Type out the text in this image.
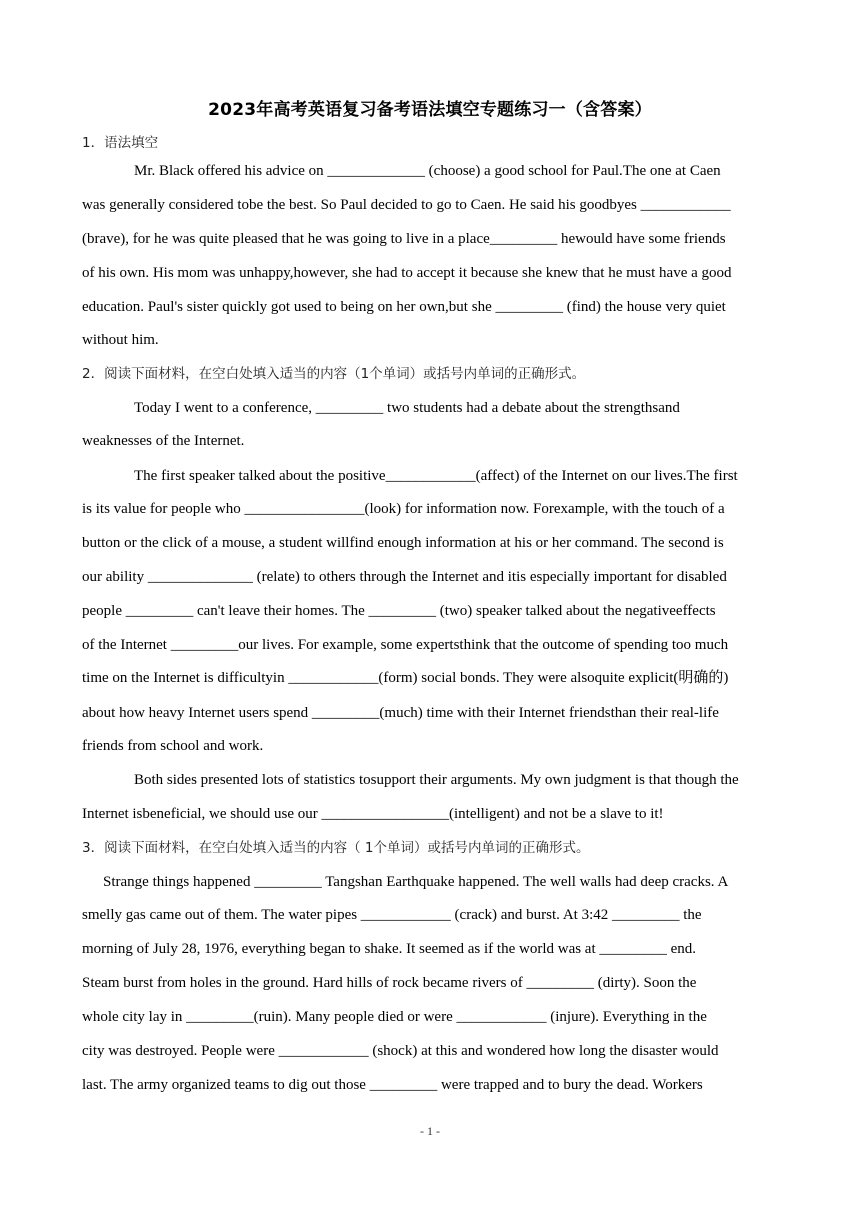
2023年高考英语复习备考语法填空专题练习一（含答案）
1．语法填空
Mr. Black offered his advice on _____________ (choose) a good school for Paul.The one at Caen
was generally considered tobe the best. So Paul decided to go to Caen. He said his goodbyes ____________
(brave), for he was quite pleased that he was going to live in a place_________ hewould have some friends
of his own. His mom was unhappy,however, she had to accept it because she knew that he must have a good
education. Paul's sister quickly got used to being on her own,but she _________ (find) the house very quiet
without him.
2．阅读下面材料，在空白处填入适当的内容（1个单词）或括号内单词的正确形式。
Today I went to a conference, _________ two students had a debate about the strengthsand
weaknesses of the Internet.
The first speaker talked about the positive____________(affect) of the Internet on our lives.The first
is its value for people who ________________(look) for information now. Forexample, with the touch of a
button or the click of a mouse, a student willfind enough information at his or her command. The second is
our ability ______________ (relate) to others through the Internet and itis especially important for disabled
people _________ can't leave their homes. The _________ (two) speaker talked about the negativeeffects
of the Internet _________our lives. For example, some expertsthink that the outcome of spending too much
time on the Internet is difficultyin ____________(form) social bonds. They were alsoquite explicit(明确的)
about how heavy Internet users spend _________(much) time with their Internet friendsthan their real-life
friends from school and work.
Both sides presented lots of statistics tosupport their arguments. My own judgment is that though the
Internet isbeneficial, we should use our _________________(intelligent) and not be a slave to it!
3．阅读下面材料，在空白处填入适当的内容（ 1个单词）或括号内单词的正确形式。
Strange things happened _________ Tangshan Earthquake happened. The well walls had deep cracks. A
smelly gas came out of them. The water pipes ____________ (crack) and burst. At 3:42 _________ the
morning of July 28, 1976, everything began to shake. It seemed as if the world was at _________ end.
Steam burst from holes in the ground. Hard hills of rock became rivers of _________ (dirty). Soon the
whole city lay in _________(ruin). Many people died or were ____________ (injure). Everything in the
city was destroyed. People were ____________ (shock) at this and wondered how long the disaster would
last. The army organized teams to dig out those _________ were trapped and to bury the dead. Workers
- 1 -
